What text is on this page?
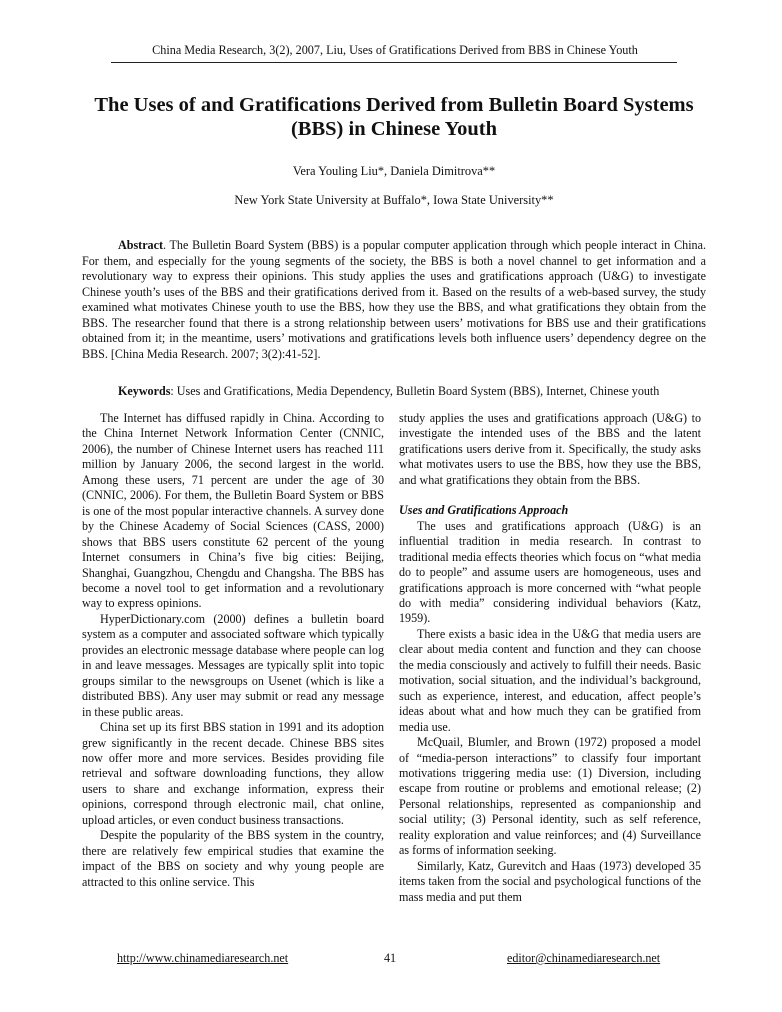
China Media Research, 3(2), 2007, Liu, Uses of Gratifications Derived from BBS in Chinese Youth
The Uses of and Gratifications Derived from Bulletin Board Systems (BBS) in Chinese Youth
Vera Youling Liu*, Daniela Dimitrova**
New York State University at Buffalo*, Iowa State University**

Abstract. The Bulletin Board System (BBS) is a popular computer application through which people interact in China. For them, and especially for the young segments of the society, the BBS is both a novel channel to get information and a revolutionary way to express their opinions. This study applies the uses and gratifications approach (U&G) to investigate Chinese youth’s uses of the BBS and their gratifications derived from it. Based on the results of a web-based survey, the study examined what motivates Chinese youth to use the BBS, how they use the BBS, and what gratifications they obtain from the BBS. The researcher found that there is a strong relationship between users’ motivations for BBS use and their gratifications obtained from it; in the meantime, users’ motivations and gratifications levels both influence users’ dependency degree on the BBS. [China Media Research. 2007; 3(2):41-52].

Keywords: Uses and Gratifications, Media Dependency, Bulletin Board System (BBS), Internet, Chinese youth

The Internet has diffused rapidly in China. According to the China Internet Network Information Center (CNNIC, 2006), the number of Chinese Internet users has reached 111 million by January 2006, the second largest in the world. Among these users, 71 percent are under the age of 30 (CNNIC, 2006). For them, the Bulletin Board System or BBS is one of the most popular interactive channels. A survey done by the Chinese Academy of Social Sciences (CASS, 2000) shows that BBS users constitute 62 percent of the young Internet consumers in China’s five big cities: Beijing, Shanghai, Guangzhou, Chengdu and Changsha. The BBS has become a novel tool to get information and a revolutionary way to express opinions.

HyperDictionary.com (2000) defines a bulletin board system as a computer and associated software which typically provides an electronic message database where people can log in and leave messages. Messages are typically split into topic groups similar to the newsgroups on Usenet (which is like a distributed BBS). Any user may submit or read any message in these public areas.

China set up its first BBS station in 1991 and its adoption grew significantly in the recent decade. Chinese BBS sites now offer more and more services. Besides providing file retrieval and software downloading functions, they allow users to share and exchange information, express their opinions, correspond through electronic mail, chat online, upload articles, or even conduct business transactions.

Despite the popularity of the BBS system in the country, there are relatively few empirical studies that examine the impact of the BBS on society and why young people are attracted to this online service. This

study applies the uses and gratifications approach (U&G) to investigate the intended uses of the BBS and the latent gratifications users derive from it. Specifically, the study asks what motivates users to use the BBS, how they use the BBS, and what gratifications they obtain from the BBS.

Uses and Gratifications Approach

The uses and gratifications approach (U&G) is an influential tradition in media research. In contrast to traditional media effects theories which focus on “what media do to people” and assume users are homogeneous, uses and gratifications approach is more concerned with “what people do with media” considering individual behaviors (Katz, 1959).

There exists a basic idea in the U&G that media users are clear about media content and function and they can choose the media consciously and actively to fulfill their needs. Basic motivation, social situation, and the individual’s background, such as experience, interest, and education, affect people’s ideas about what and how much they can be gratified from media use.

McQuail, Blumler, and Brown (1972) proposed a model of “media-person interactions” to classify four important motivations triggering media use: (1) Diversion, including escape from routine or problems and emotional release; (2) Personal relationships, represented as companionship and social utility; (3) Personal identity, such as self reference, reality exploration and value reinforces; and (4) Surveillance as forms of information seeking.

Similarly, Katz, Gurevitch and Haas (1973) developed 35 items taken from the social and psychological functions of the mass media and put them

http://www.chinamediaresearch.net	41	editor@chinamediaresearch.net
